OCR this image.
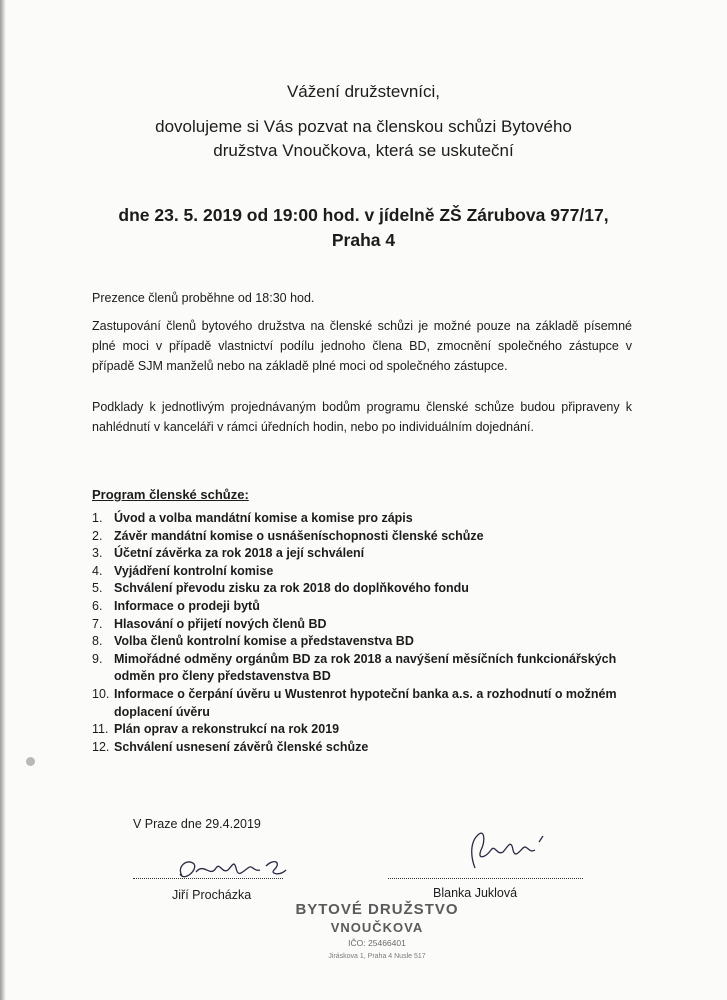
Vážení družstevníci,
dovolujeme si Vás pozvat na členskou schůzi Bytového
družstva Vnoučkova, která se uskuteční
dne 23. 5. 2019 od 19:00 hod. v jídelně ZŠ Zárubova 977/17,
Praha 4
Prezence členů proběhne od 18:30 hod.
Zastupování členů bytového družstva na členské schůzi je možné pouze na základě písemné plné moci v případě vlastnictví podílu jednoho člena BD, zmocnění společného zástupce v případě SJM manželů nebo na základě plné moci od společného zástupce.
Podklady k jednotlivým projednávaným bodům programu členské schůze budou připraveny k nahlédnutí v kanceláři v rámci úředních hodin, nebo po individuálním dojednání.
Program členské schůze:
1. Úvod a volba mandátní komise a komise pro zápis
2. Závěr mandátní komise o usnášeníschopnosti členské schůze
3. Účetní závěrka za rok 2018 a její schválení
4. Vyjádření kontrolní komise
5. Schválení převodu zisku za rok 2018 do doplňkového fondu
6. Informace o prodeji bytů
7. Hlasování o přijetí nových členů BD
8. Volba členů kontrolní komise a představenstva BD
9. Mimořádné odměny orgánům BD za rok 2018 a navýšení měsíčních funkcionářských odměn pro členy představenstva BD
10. Informace o čerpání úvěru u Wustenrot hypoteční banka a.s. a rozhodnutí o možném doplacení úvěru
11. Plán oprav a rekonstrukcí na rok 2019
12. Schválení usnesení závěrů členské schůze
V Praze dne 29.4.2019
Jiří Procházka	Blanka Juklová
BYTOVÉ DRUŽSTVO
VNOUČKOVA
IČO: 25466401
Jiráskova 1, Praha 4 Nusle 517
